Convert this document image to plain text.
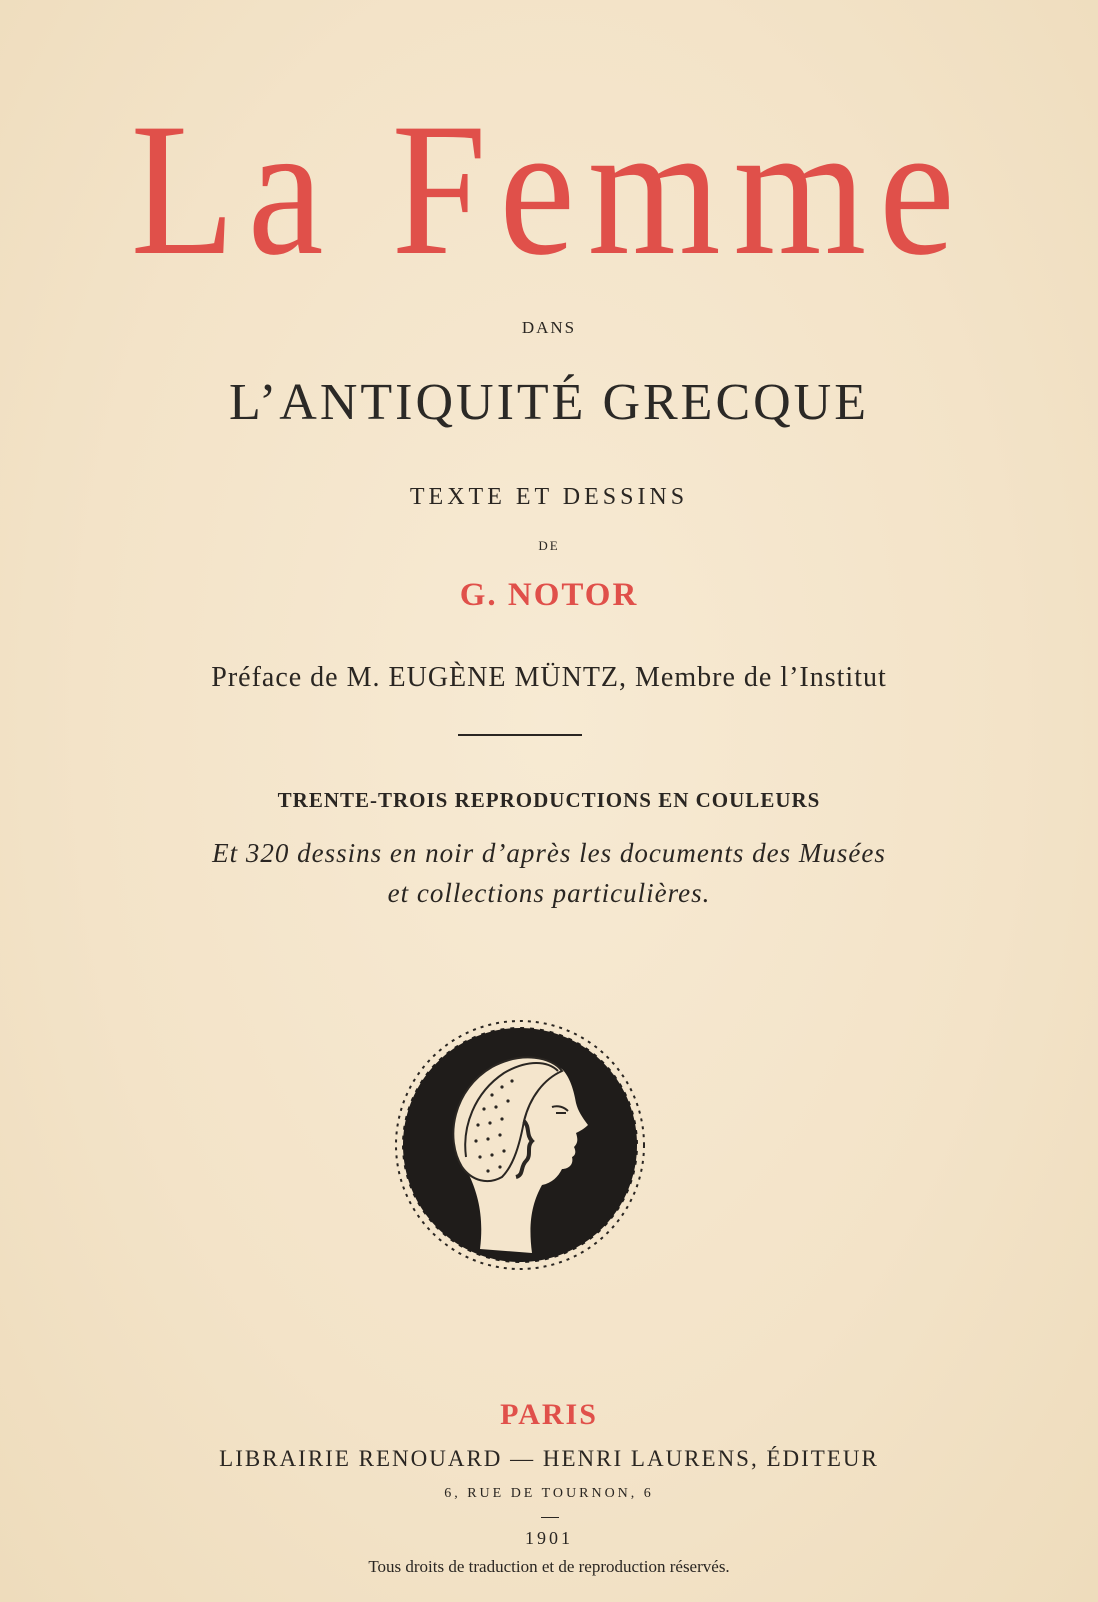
La Femme
DANS
L’ANTIQUITÉ GRECQUE
TEXTE ET DESSINS
DE
G. NOTOR
Préface de M. EUGÈNE MÜNTZ, Membre de l’Institut
TRENTE-TROIS REPRODUCTIONS EN COULEURS
Et 320 dessins en noir d’après les documents des Musées
et collections particulières.
PARIS
LIBRAIRIE RENOUARD — HENRI LAURENS, ÉDITEUR
6, RUE DE TOURNON, 6
1901
Tous droits de traduction et de reproduction réservés.
